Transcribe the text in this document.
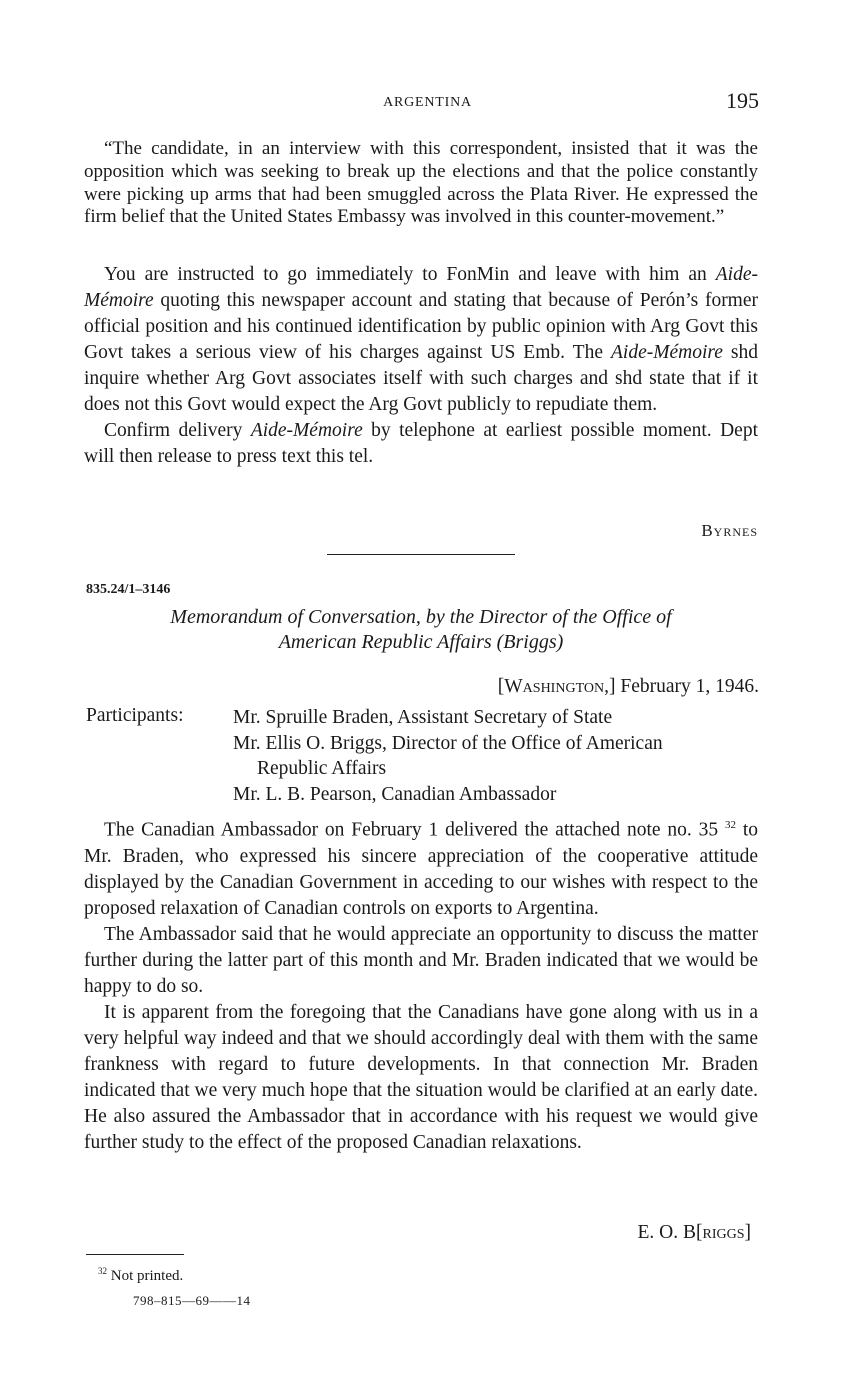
ARGENTINA	195

“The candidate, in an interview with this correspondent, insisted that it was the opposition which was seeking to break up the elections and that the police constantly were picking up arms that had been smuggled across the Plata River. He expressed the firm belief that the United States Embassy was involved in this counter-movement.”

You are instructed to go immediately to FonMin and leave with him an Aide-Mémoire quoting this newspaper account and stating that because of Perón’s former official position and his continued identification by public opinion with Arg Govt this Govt takes a serious view of his charges against US Emb. The Aide-Mémoire shd inquire whether Arg Govt associates itself with such charges and shd state that if it does not this Govt would expect the Arg Govt publicly to repudiate them.

Confirm delivery Aide-Mémoire by telephone at earliest possible moment. Dept will then release to press text this tel.

Byrnes
835.24/1–3146
Memorandum of Conversation, by the Director of the Office of
American Republic Affairs (Briggs)
[Washington,] February 1, 1946.
Participants:	Mr. Spruille Braden, Assistant Secretary of State
Mr. Ellis O. Briggs, Director of the Office of American
Republic Affairs
Mr. L. B. Pearson, Canadian Ambassador

The Canadian Ambassador on February 1 delivered the attached note no. 35 $^{32}$ to Mr. Braden, who expressed his sincere appreciation of the cooperative attitude displayed by the Canadian Government in acceding to our wishes with respect to the proposed relaxation of Canadian controls on exports to Argentina.

The Ambassador said that he would appreciate an opportunity to discuss the matter further during the latter part of this month and Mr. Braden indicated that we would be happy to do so.

It is apparent from the foregoing that the Canadians have gone along with us in a very helpful way indeed and that we should accordingly deal with them with the same frankness with regard to future developments. In that connection Mr. Braden indicated that we very much hope that the situation would be clarified at an early date. He also assured the Ambassador that in accordance with his request we would give further study to the effect of the proposed Canadian relaxations.

E. O. B[riggs]
$^{32}$ Not printed.
798–815—69——14
